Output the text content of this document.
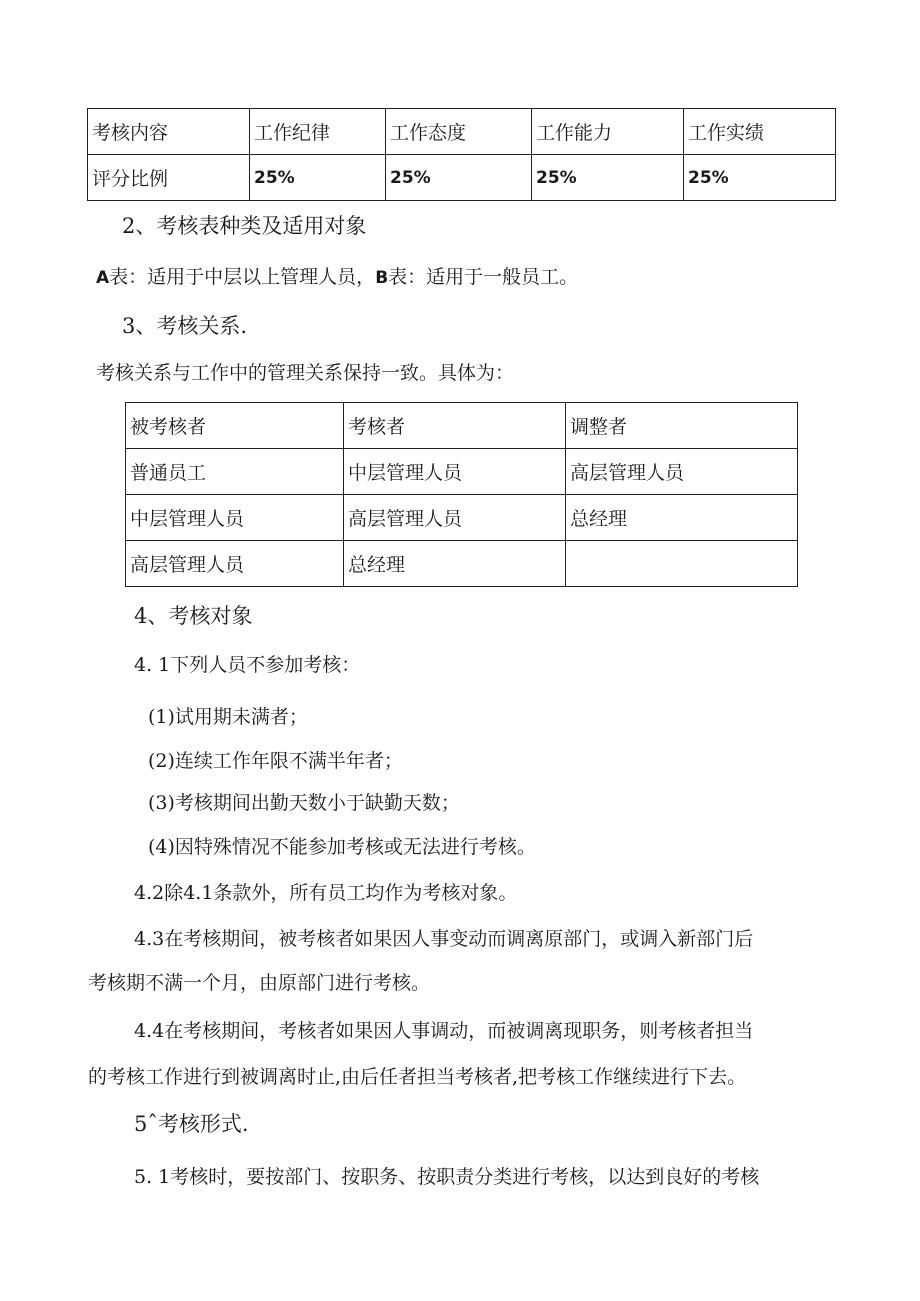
考核内容	工作纪律	工作态度	工作能力	工作实绩
评分比例	25%	25%	25%	25%
2、考核表种类及适用对象
A表：适用于中层以上管理人员，B表：适用于一般员工。
3、考核关系.
考核关系与工作中的管理关系保持一致。具体为：
被考核者	考核者	调整者
普通员工	中层管理人员	高层管理人员
中层管理人员	高层管理人员	总经理
高层管理人员	总经理	
4、考核对象
4. 1下列人员不参加考核：
(1)试用期未满者；
(2)连续工作年限不满半年者；
(3)考核期间出勤天数小于缺勤天数；
(4)因特殊情况不能参加考核或无法进行考核。
4.2除4.1条款外，所有员工均作为考核对象。
4.3在考核期间，被考核者如果因人事变动而调离原部门，或调入新部门后
考核期不满一个月，由原部门进行考核。
4.4在考核期间，考核者如果因人事调动，而被调离现职务，则考核者担当
的考核工作进行到被调离时止,由后任者担当考核者,把考核工作继续进行下去。
5ˆ考核形式.
5. 1考核时，要按部门、按职务、按职责分类进行考核，以达到良好的考核
